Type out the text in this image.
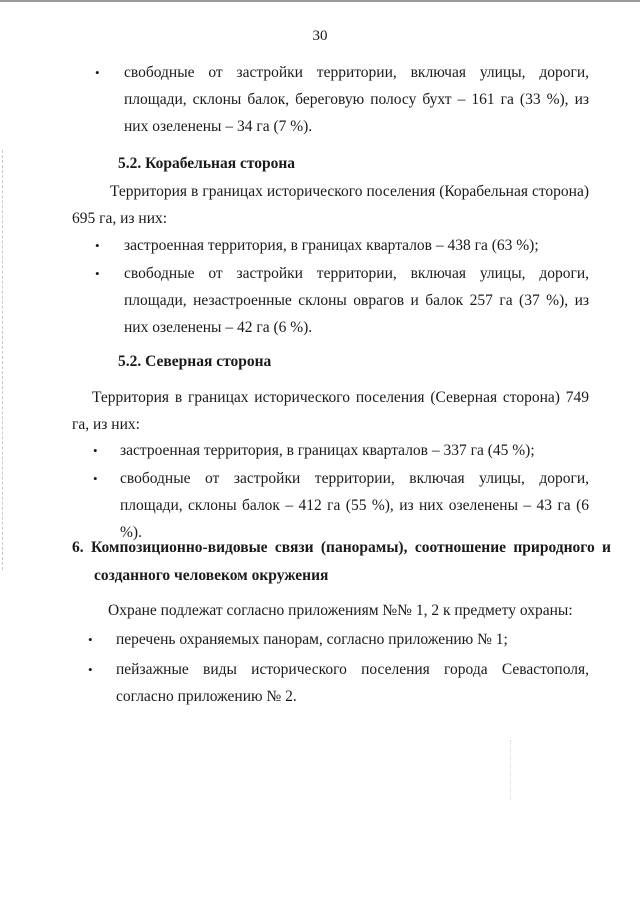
30
• свободные от застройки территории, включая улицы, дороги, площади, склоны балок, береговую полосу бухт – 161 га (33 %), из них озеленены – 34 га (7 %).
5.2. Корабельная сторона
Территория в границах исторического поселения (Корабельная сторона) 695 га, из них:
• застроенная территория, в границах кварталов – 438 га (63 %);
• свободные от застройки территории, включая улицы, дороги, площади, незастроенные склоны оврагов и балок 257 га (37 %), из них озеленены – 42 га (6 %).
5.2. Северная сторона
Территория в границах исторического поселения (Северная сторона) 749 га, из них:
• застроенная территория, в границах кварталов – 337 га (45 %);
• свободные от застройки территории, включая улицы, дороги, площади, склоны балок – 412 га (55 %), из них озеленены – 43 га (6 %).
6. Композиционно-видовые связи (панорамы), соотношение природного и созданного человеком окружения
Охране подлежат согласно приложениям №№ 1, 2 к предмету охраны:
• перечень охраняемых панорам, согласно приложению № 1;
• пейзажные виды исторического поселения города Севастополя, согласно приложению № 2.
